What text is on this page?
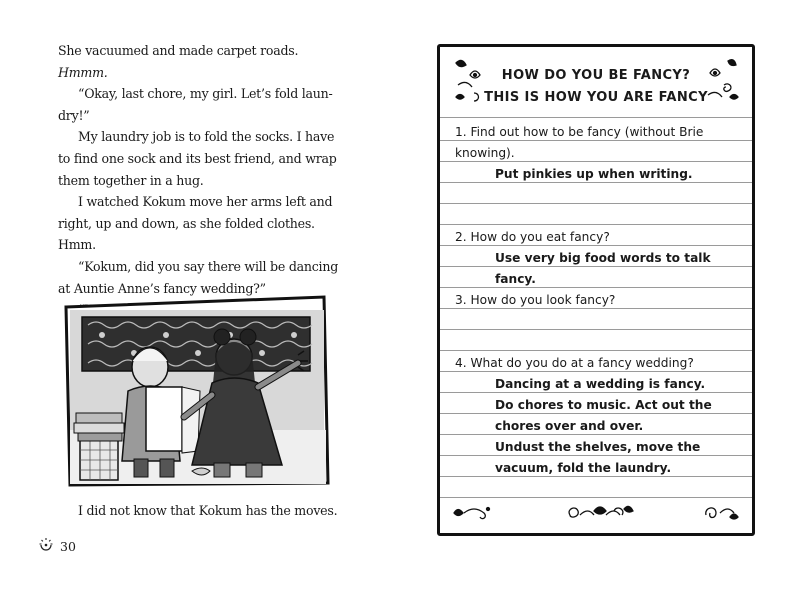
She vacuumed and made carpet roads. Hmmm.

“Okay, last chore, my girl. Let’s fold laun-dry!”

My laundry job is to fold the socks. I have to find one sock and its best friend, and wrap them together in a hug.

I watched Kokum move her arms left and right, up and down, as she folded clothes. Hmm.

“Kokum, did you say there will be dancing at Auntie Anne’s fancy wedding?”

I did not know that Kokum has the moves.
30
HOW DO YOU BE FANCY?
THIS IS HOW YOU ARE FANCY
1. Find out how to be fancy (without Brie knowing).
Put pinkies up when writing.
2. How do you eat fancy?
Use very big food words to talk fancy.
3. How do you look fancy?
4. What do you do at a fancy wedding?
Dancing at a wedding is fancy.
Do chores to music. Act out the
chores over and over.
Undust the shelves, move the
vacuum, fold the laundry.
